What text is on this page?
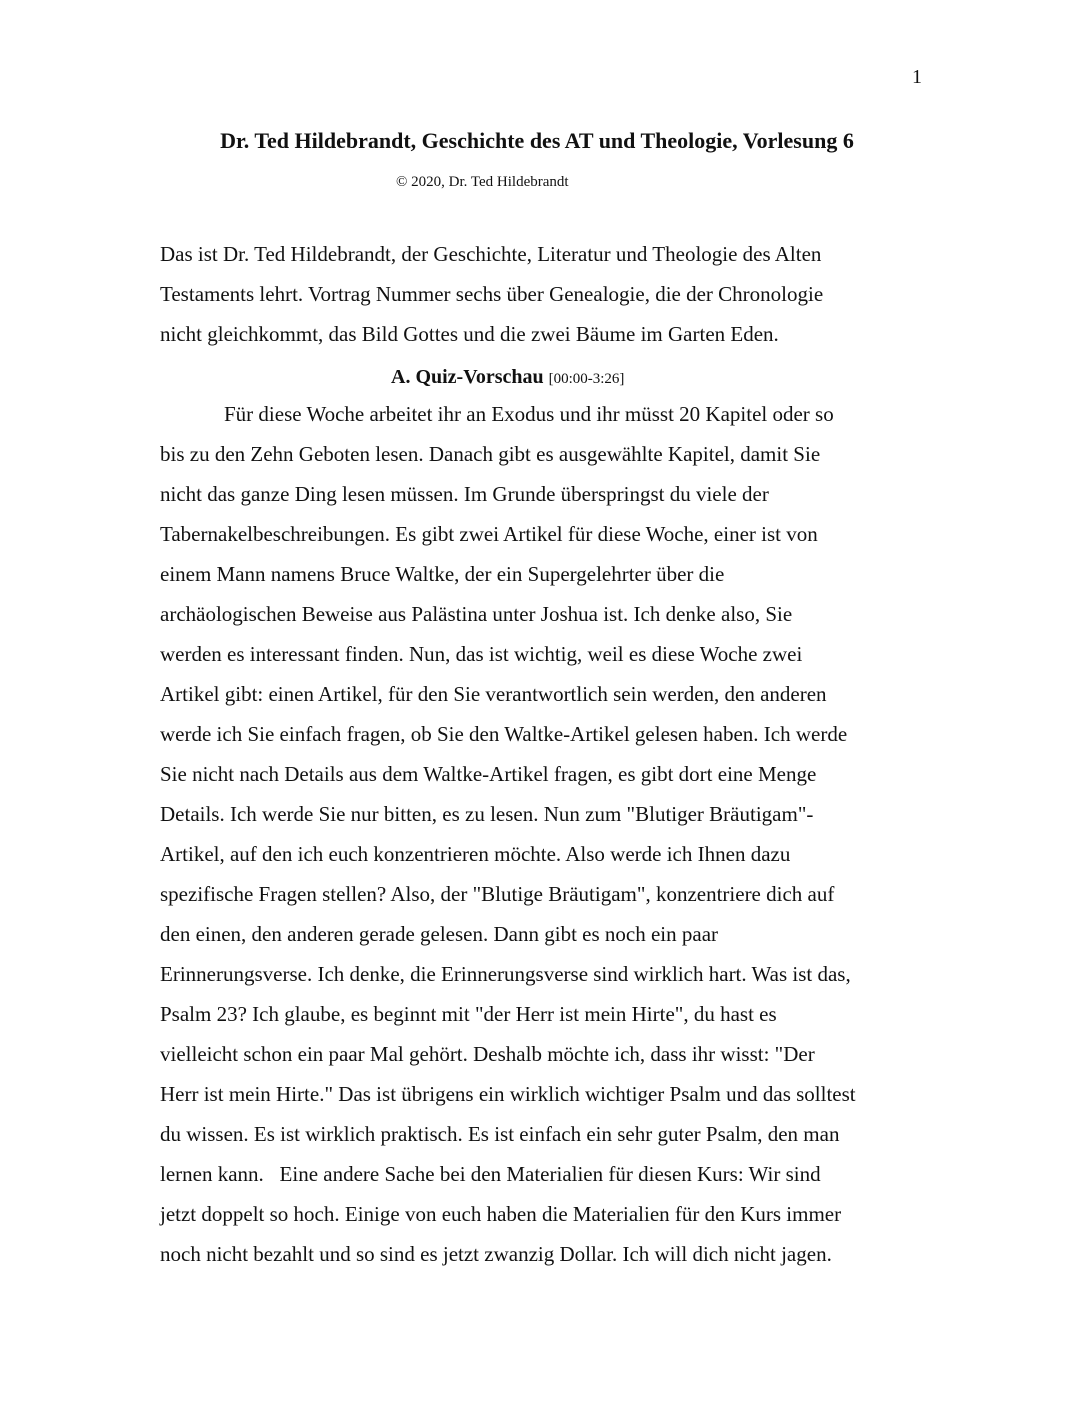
1
Dr. Ted Hildebrandt, Geschichte des AT und Theologie, Vorlesung 6
© 2020, Dr. Ted Hildebrandt
Das ist Dr. Ted Hildebrandt, der Geschichte, Literatur und Theologie des Alten
Testaments lehrt. Vortrag Nummer sechs über Genealogie, die der Chronologie
nicht gleichkommt, das Bild Gottes und die zwei Bäume im Garten Eden.
A. Quiz-Vorschau [00:00-3:26]
Für diese Woche arbeitet ihr an Exodus und ihr müsst 20 Kapitel oder so
bis zu den Zehn Geboten lesen. Danach gibt es ausgewählte Kapitel, damit Sie
nicht das ganze Ding lesen müssen. Im Grunde überspringst du viele der
Tabernakelbeschreibungen. Es gibt zwei Artikel für diese Woche, einer ist von
einem Mann namens Bruce Waltke, der ein Supergelehrter über die
archäologischen Beweise aus Palästina unter Joshua ist. Ich denke also, Sie
werden es interessant finden. Nun, das ist wichtig, weil es diese Woche zwei
Artikel gibt: einen Artikel, für den Sie verantwortlich sein werden, den anderen
werde ich Sie einfach fragen, ob Sie den Waltke-Artikel gelesen haben. Ich werde
Sie nicht nach Details aus dem Waltke-Artikel fragen, es gibt dort eine Menge
Details. Ich werde Sie nur bitten, es zu lesen. Nun zum "Blutiger Bräutigam"-
Artikel, auf den ich euch konzentrieren möchte. Also werde ich Ihnen dazu
spezifische Fragen stellen? Also, der "Blutige Bräutigam", konzentriere dich auf
den einen, den anderen gerade gelesen. Dann gibt es noch ein paar
Erinnerungsverse. Ich denke, die Erinnerungsverse sind wirklich hart. Was ist das,
Psalm 23? Ich glaube, es beginnt mit "der Herr ist mein Hirte", du hast es
vielleicht schon ein paar Mal gehört. Deshalb möchte ich, dass ihr wisst: "Der
Herr ist mein Hirte." Das ist übrigens ein wirklich wichtiger Psalm und das solltest
du wissen. Es ist wirklich praktisch. Es ist einfach ein sehr guter Psalm, den man
lernen kann.   Eine andere Sache bei den Materialien für diesen Kurs: Wir sind
jetzt doppelt so hoch. Einige von euch haben die Materialien für den Kurs immer
noch nicht bezahlt und so sind es jetzt zwanzig Dollar. Ich will dich nicht jagen.
